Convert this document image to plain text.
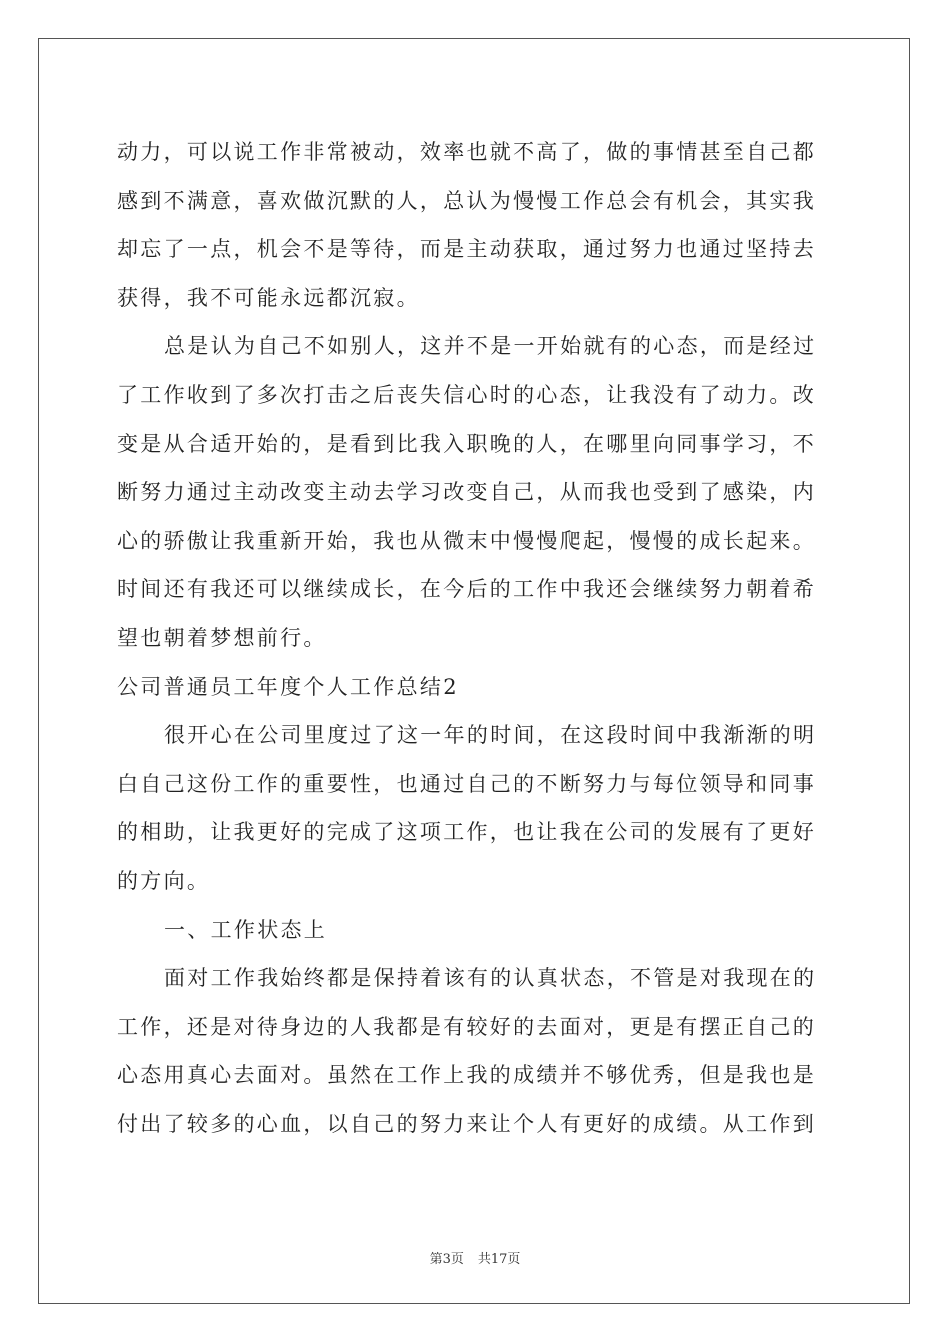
动力，可以说工作非常被动，效率也就不高了，做的事情甚至自己都
感到不满意，喜欢做沉默的人，总认为慢慢工作总会有机会，其实我
却忘了一点，机会不是等待，而是主动获取，通过努力也通过坚持去
获得，我不可能永远都沉寂。
总是认为自己不如别人，这并不是一开始就有的心态，而是经过
了工作收到了多次打击之后丧失信心时的心态，让我没有了动力。改
变是从合适开始的，是看到比我入职晚的人，在哪里向同事学习，不
断努力通过主动改变主动去学习改变自己，从而我也受到了感染，内
心的骄傲让我重新开始，我也从微末中慢慢爬起，慢慢的成长起来。
时间还有我还可以继续成长，在今后的工作中我还会继续努力朝着希
望也朝着梦想前行。
公司普通员工年度个人工作总结2
很开心在公司里度过了这一年的时间，在这段时间中我渐渐的明
白自己这份工作的重要性，也通过自己的不断努力与每位领导和同事
的相助，让我更好的完成了这项工作，也让我在公司的发展有了更好
的方向。
一、工作状态上
面对工作我始终都是保持着该有的认真状态，不管是对我现在的
工作，还是对待身边的人我都是有较好的去面对，更是有摆正自己的
心态用真心去面对。虽然在工作上我的成绩并不够优秀，但是我也是
付出了较多的心血，以自己的努力来让个人有更好的成绩。从工作到
第3页 共17页
